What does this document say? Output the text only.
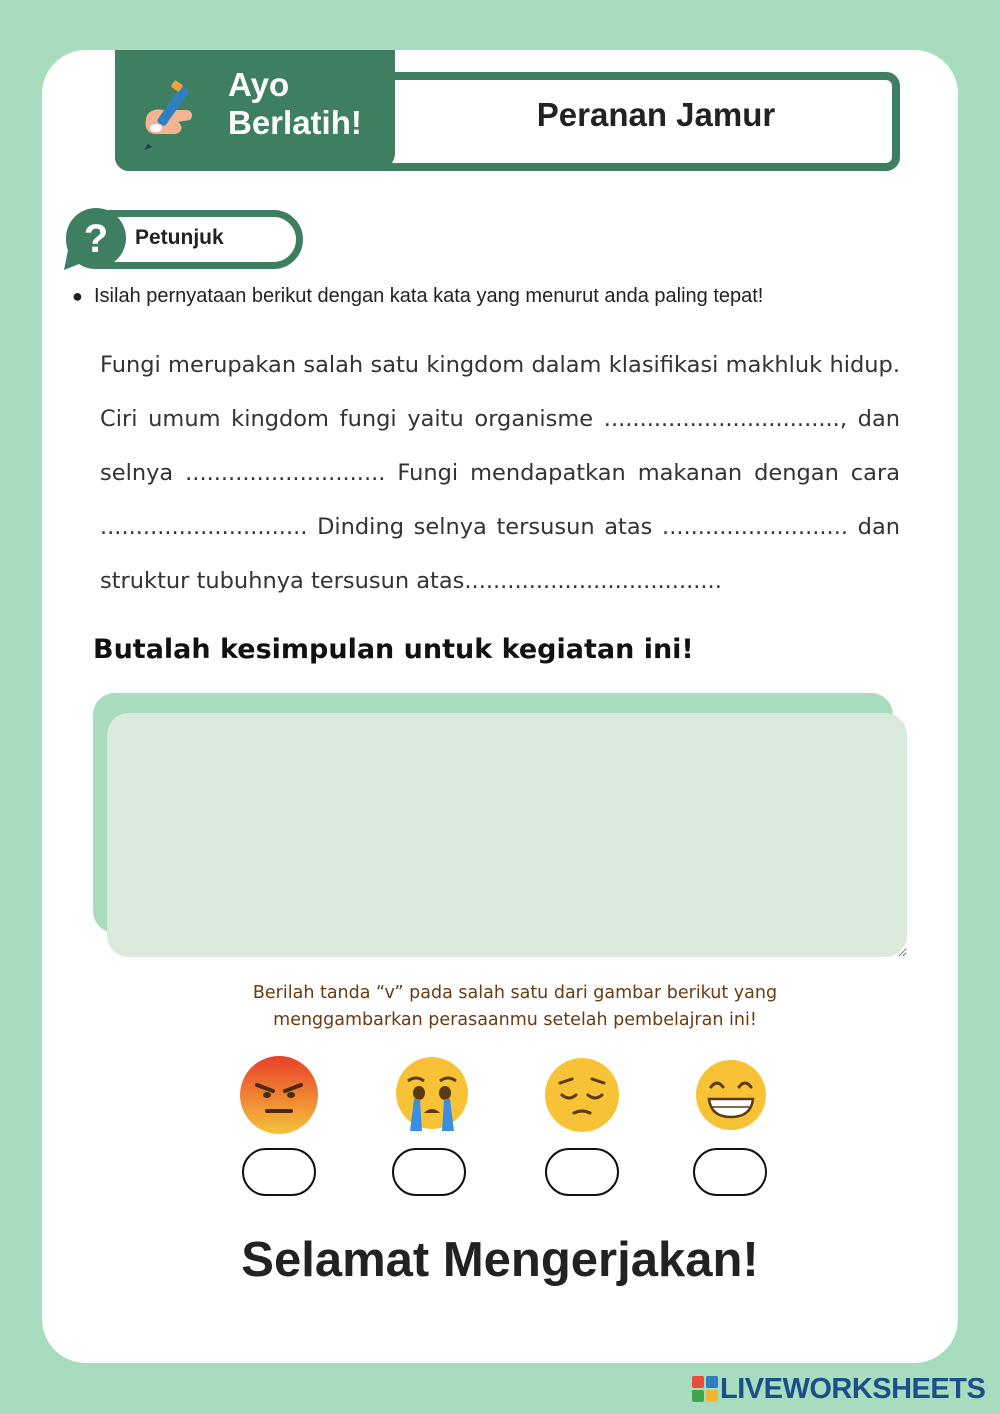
Ayo
Berlatih!	Peranan Jamur
? Petunjuk
● Isilah pernyataan berikut dengan kata kata yang menurut anda paling tepat!
Fungi merupakan salah satu kingdom dalam klasifikasi makhluk hidup. Ciri umum kingdom fungi yaitu organisme ................................., dan selnya ............................ Fungi mendapatkan makanan dengan cara ............................. Dinding selnya tersusun atas .......................... dan struktur tubuhnya tersusun atas....................................
Butalah kesimpulan untuk kegiatan ini!
Berilah tanda “v” pada salah satu dari gambar berikut yang
menggambarkan perasaanmu setelah pembelajran ini!
Selamat Mengerjakan!
LIVEWORKSHEETS
